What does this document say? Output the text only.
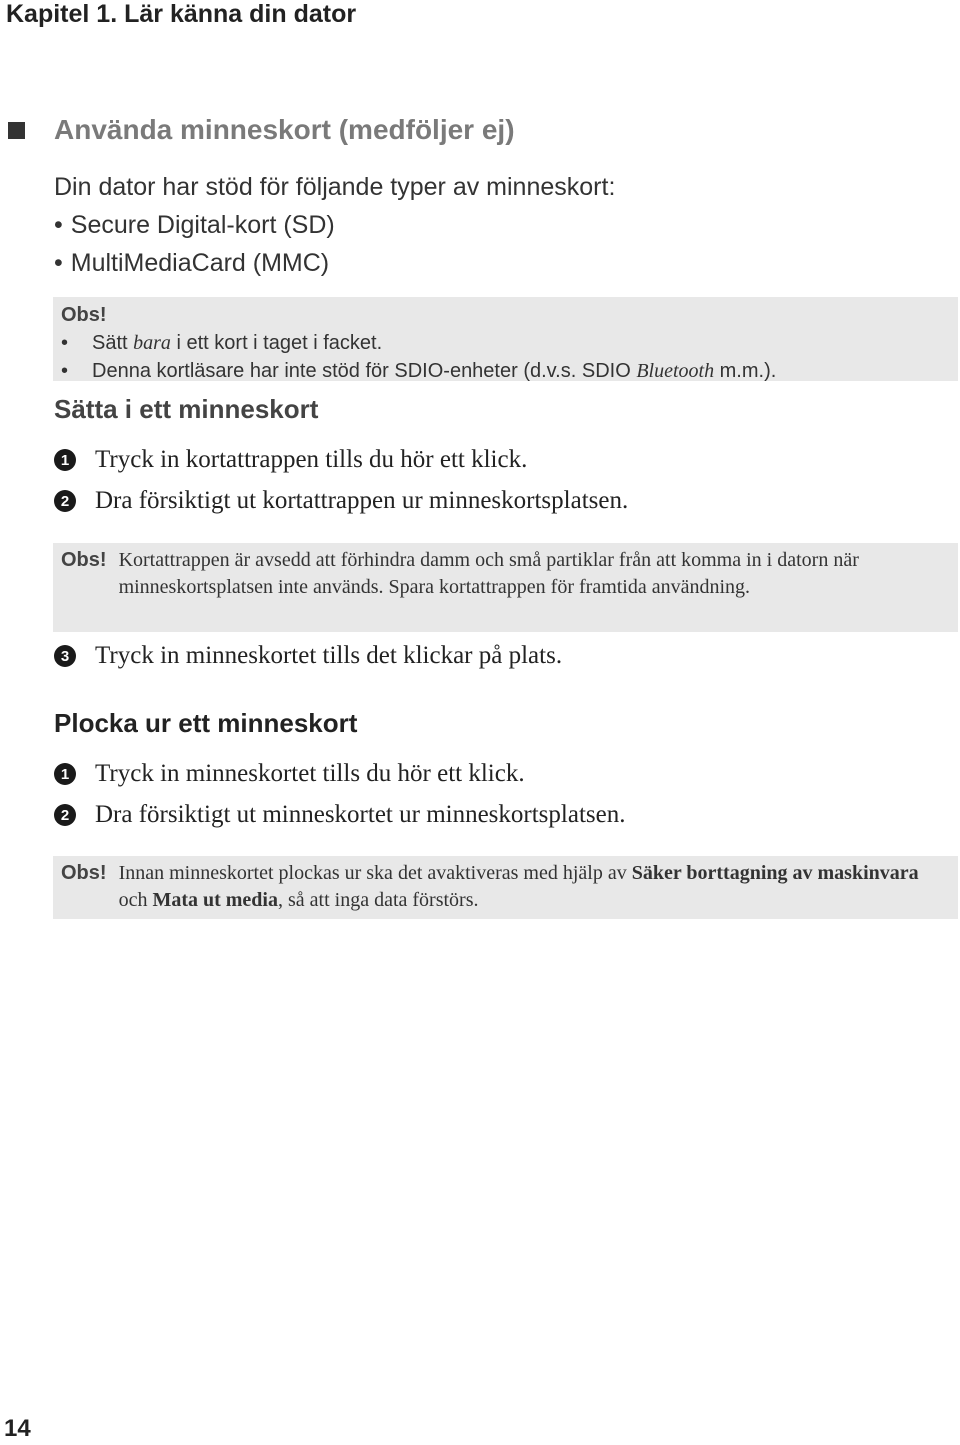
Kapitel 1. Lär känna din dator
Använda minneskort (medföljer ej)
Din dator har stöd för följande typer av minneskort:
• Secure Digital-kort (SD)
• MultiMediaCard (MMC)
Obs!
• Sätt bara i ett kort i taget i facket.
• Denna kortläsare har inte stöd för SDIO-enheter (d.v.s. SDIO Bluetooth m.m.).
Sätta i ett minneskort
1 Tryck in kortattrappen tills du hör ett klick.
2 Dra försiktigt ut kortattrappen ur minneskortsplatsen.
Obs! Kortattrappen är avsedd att förhindra damm och små partiklar från att komma in i datorn när minneskortsplatsen inte används. Spara kortattrappen för framtida användning.
3 Tryck in minneskortet tills det klickar på plats.
Plocka ur ett minneskort
1 Tryck in minneskortet tills du hör ett klick.
2 Dra försiktigt ut minneskortet ur minneskortsplatsen.
Obs! Innan minneskortet plockas ur ska det avaktiveras med hjälp av Säker borttagning av maskinvara och Mata ut media, så att inga data förstörs.
14
